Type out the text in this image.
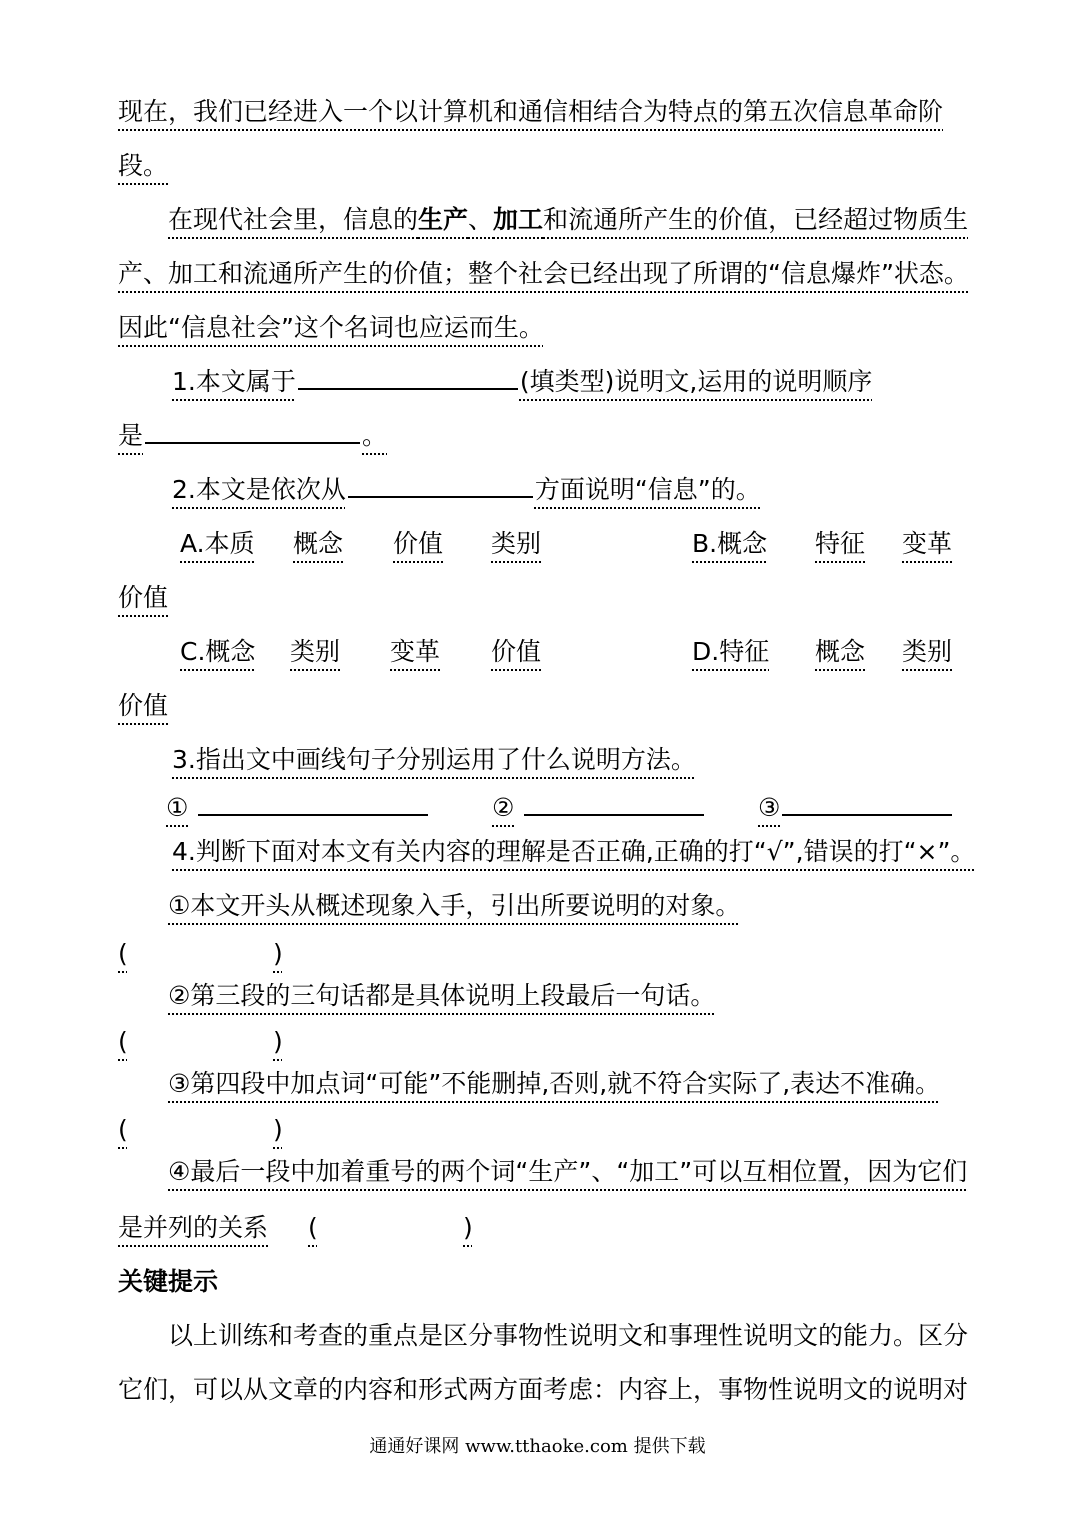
现在，我们已经进入一个以计算机和通信相结合为特点的第五次信息革命阶
段。
在现代社会里，信息的生产、加工和流通所产生的价值，已经超过物质生
产、加工和流通所产生的价值；整个社会已经出现了所谓的“信息爆炸”状态。
因此“信息社会”这个名词也应运而生。
1.本文属于	(填类型)说明文,运用的说明顺序
是	。
2.本文是依次从	方面说明“信息”的。
A.本质 概念 价值 类别	B.概念 特征 变革
价值
C.概念 类别 变革 价值	D.特征 概念 类别
价值
3.指出文中画线句子分别运用了什么说明方法。
①	②	③
4.判断下面对本文有关内容的理解是否正确,正确的打“√”,错误的打“×”。
①本文开头从概述现象入手，引出所要说明的对象。
(	)
②第三段的三句话都是具体说明上段最后一句话。
(	)
③第四段中加点词“可能”不能删掉,否则,就不符合实际了,表达不准确。
(	)
④最后一段中加着重号的两个词“生产”、“加工”可以互相位置，因为它们
是并列的关系 (	)
关键提示
以上训练和考查的重点是区分事物性说明文和事理性说明文的能力。区分
它们，可以从文章的内容和形式两方面考虑：内容上，事物性说明文的说明对
通通好课网 www.tthaoke.com 提供下载
